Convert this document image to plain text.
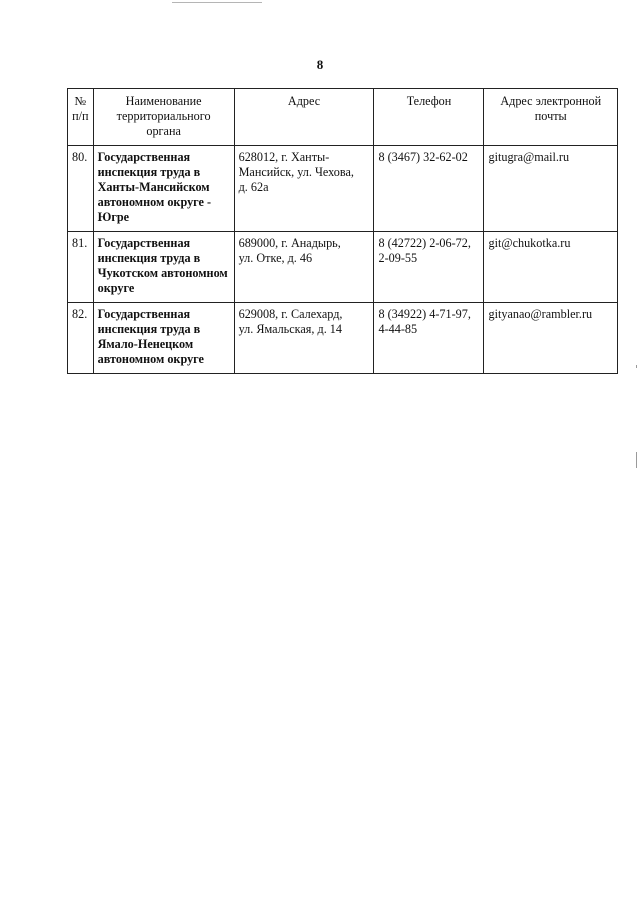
8
№
п/п	Наименование
территориального
органа	Адрес	Телефон	Адрес электронной
почты
80.	Государственная
инспекция труда в
Ханты-Мансийском
автономном округе -
Югре	628012, г. Ханты-
Мансийск, ул. Чехова,
д. 62а	8 (3467) 32-62-02	gitugra@mail.ru
81.	Государственная
инспекция труда в
Чукотском автономном
округе	689000, г. Анадырь,
ул. Отке, д. 46	8 (42722) 2-06-72,
2-09-55	git@chukotka.ru
82.	Государственная
инспекция труда в
Ямало-Ненецком
автономном округе	629008, г. Салехард,
ул. Ямальская, д. 14	8 (34922) 4-71-97,
4-44-85	gityanao@rambler.ru
